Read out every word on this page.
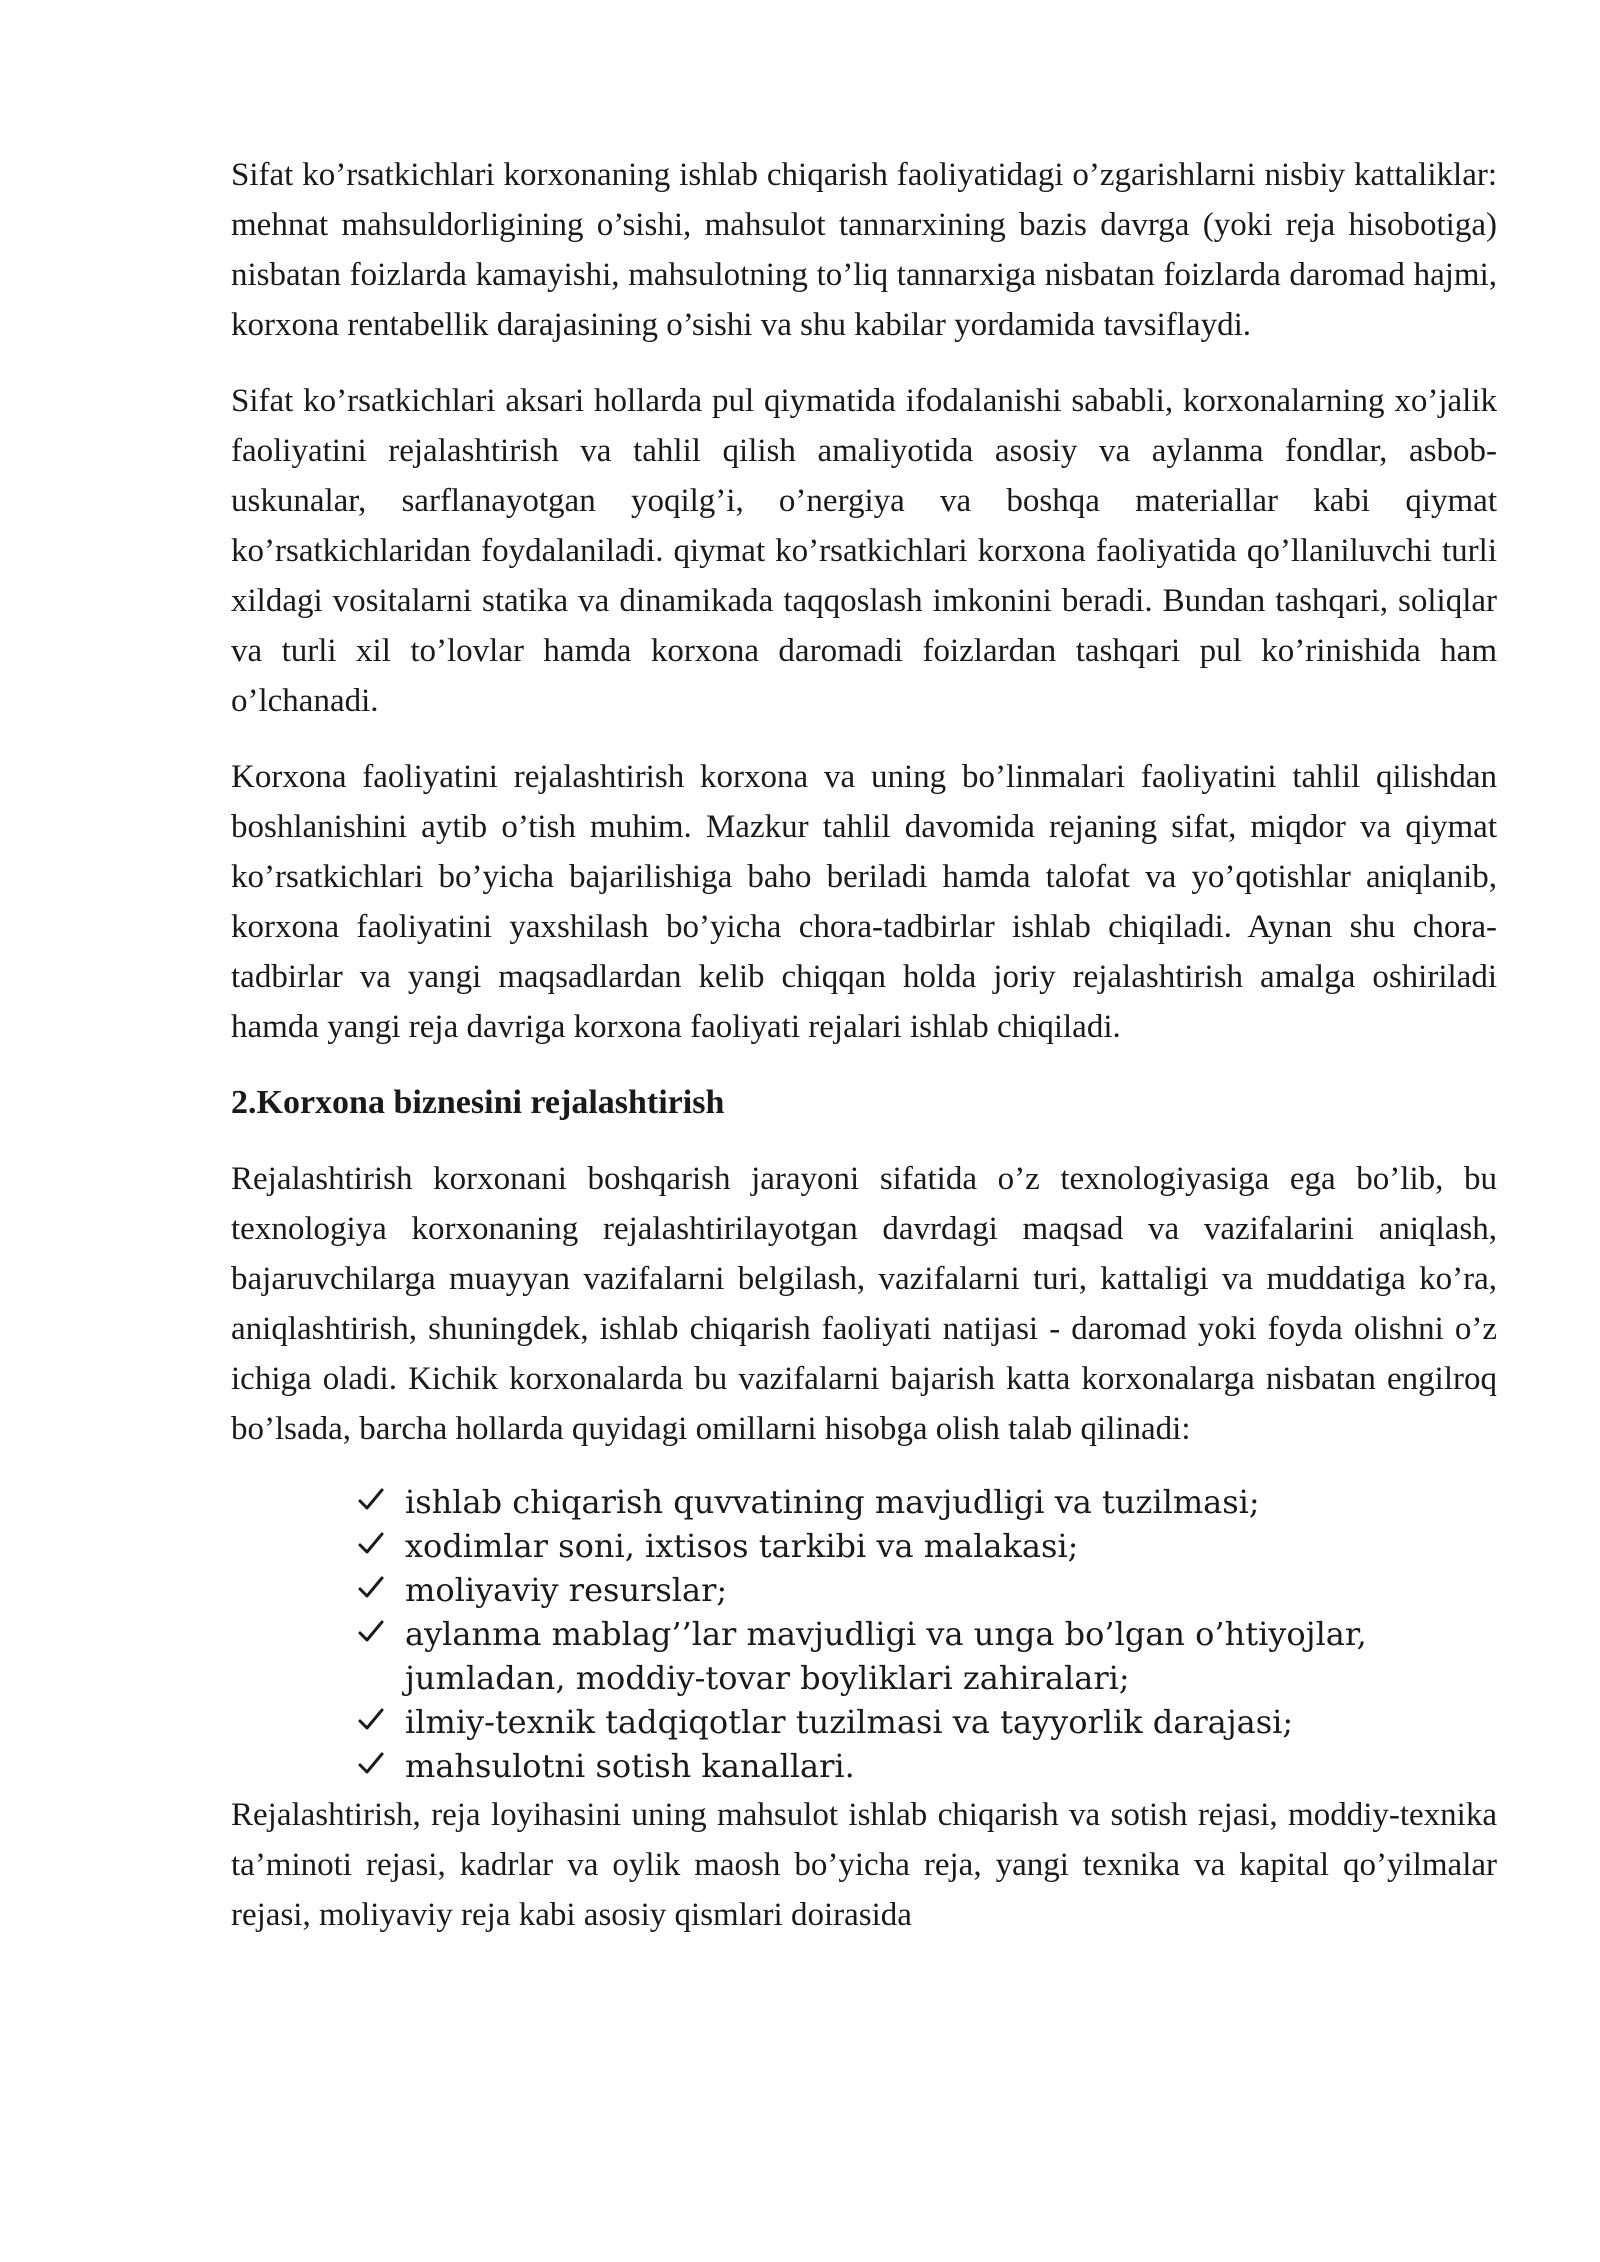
Sifat ko’rsatkichlari korxonaning ishlab chiqarish faoliyatidagi o’zgarishlarni nisbiy kattaliklar: mehnat mahsuldorligining o’sishi, mahsulot tannarxining bazis davrga (yoki reja hisobotiga) nisbatan foizlarda kamayishi, mahsulotning to’liq tannarxiga nisbatan foizlarda daromad hajmi, korxona rentabellik darajasining o’sishi va shu kabilar yordamida tavsiflaydi.

Sifat ko’rsatkichlari aksari hollarda pul qiymatida ifodalanishi sababli, korxonalarning xo’jalik faoliyatini rejalashtirish va tahlil qilish amaliyotida asosiy va aylanma fondlar, asbob-uskunalar, sarflanayotgan yoqilg’i, o’nergiya va boshqa materiallar kabi qiymat ko’rsatkichlaridan foydalaniladi. qiymat ko’rsatkichlari korxona faoliyatida qo’llaniluvchi turli xildagi vositalarni statika va dinamikada taqqoslash imkonini beradi. Bundan tashqari, soliqlar va turli xil to’lovlar hamda korxona daromadi foizlardan tashqari pul ko’rinishida ham o’lchanadi.

Korxona faoliyatini rejalashtirish korxona va uning bo’linmalari faoliyatini tahlil qilishdan boshlanishini aytib o’tish muhim. Mazkur tahlil davomida rejaning sifat, miqdor va qiymat ko’rsatkichlari bo’yicha bajarilishiga baho beriladi hamda talofat va yo’qotishlar aniqlanib, korxona faoliyatini yaxshilash bo’yicha chora-tadbirlar ishlab chiqiladi. Aynan shu chora-tadbirlar va yangi maqsadlardan kelib chiqqan holda joriy rejalashtirish amalga oshiriladi hamda yangi reja davriga korxona faoliyati rejalari ishlab chiqiladi.

2.Korxona biznesini rejalashtirish

Rejalashtirish korxonani boshqarish jarayoni sifatida o’z texnologiyasiga ega bo’lib, bu texnologiya korxonaning rejalashtirilayotgan davrdagi maqsad va vazifalarini aniqlash, bajaruvchilarga muayyan vazifalarni belgilash, vazifalarni turi, kattaligi va muddatiga ko’ra, aniqlashtirish, shuningdek, ishlab chiqarish faoliyati natijasi - daromad yoki foyda olishni o’z ichiga oladi. Kichik korxonalarda bu vazifalarni bajarish katta korxonalarga nisbatan engilroq bo’lsada, barcha hollarda quyidagi omillarni hisobga olish talab qilinadi:

ishlab chiqarish quvvatining mavjudligi va tuzilmasi;
xodimlar soni, ixtisos tarkibi va malakasi;
moliyaviy resurslar;
aylanma mablag’’lar mavjudligi va unga bo’lgan o’htiyojlar, jumladan, moddiy-tovar boyliklari zahiralari;
ilmiy-texnik tadqiqotlar tuzilmasi va tayyorlik darajasi;
mahsulotni sotish kanallari.

Rejalashtirish, reja loyihasini uning mahsulot ishlab chiqarish va sotish rejasi, moddiy-texnika ta’minoti rejasi, kadrlar va oylik maosh bo’yicha reja, yangi texnika va kapital qo’yilmalar rejasi, moliyaviy reja kabi asosiy qismlari doirasida
